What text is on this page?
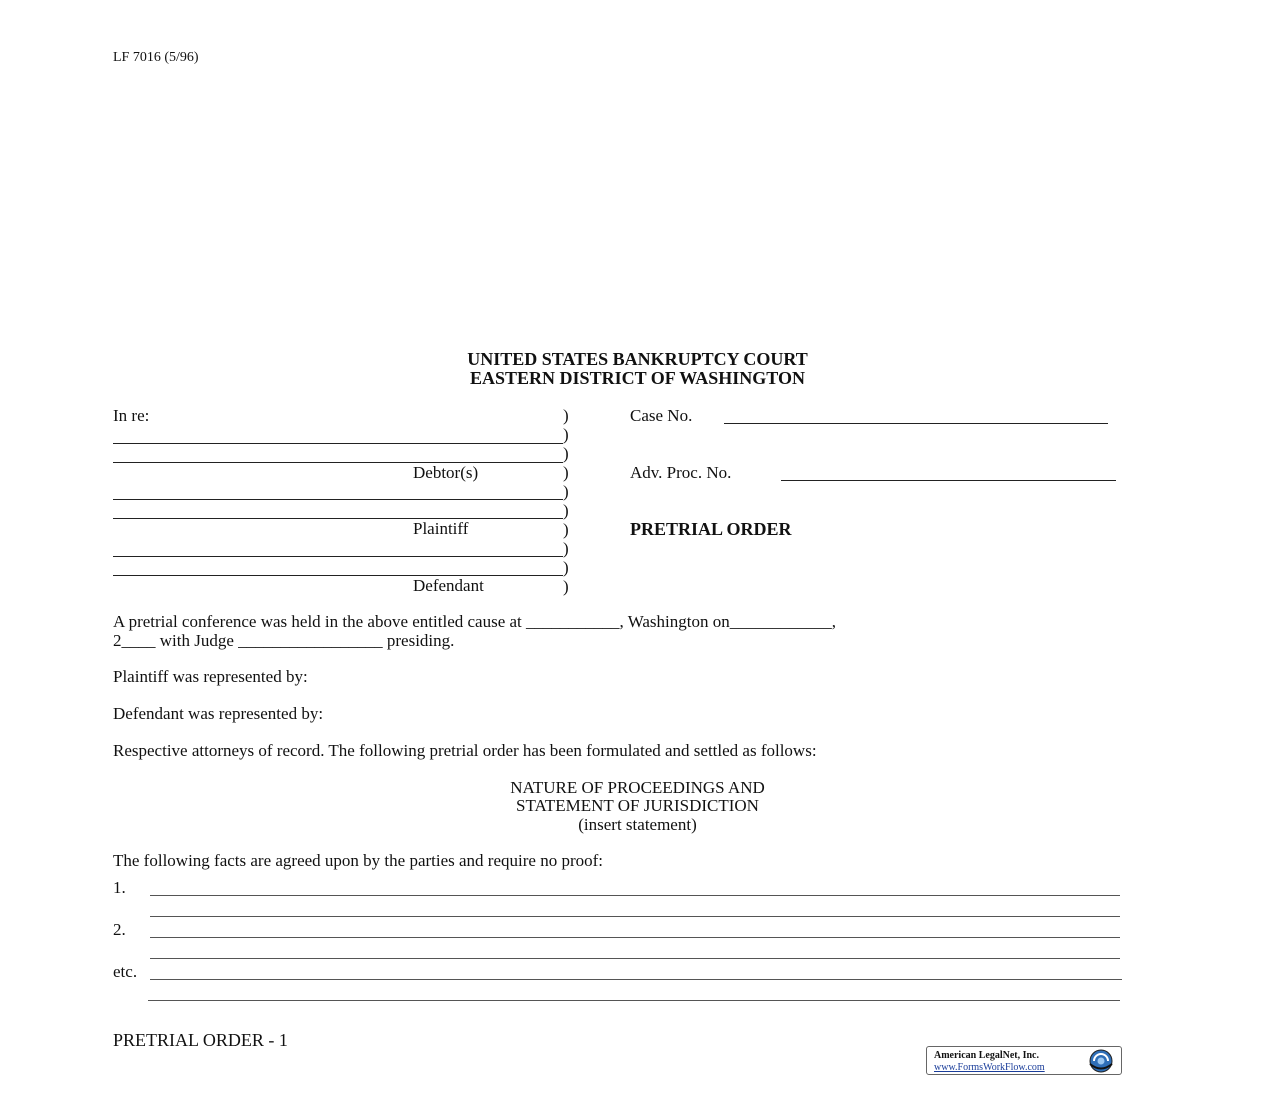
LF 7016 (5/96)
UNITED STATES BANKRUPTCY COURT
EASTERN DISTRICT OF WASHINGTON
In re:
Debtor(s)
Plaintiff
Defendant
)
)
)
)
)
)
)
)
)
)
Case No.
Adv. Proc. No.
PRETRIAL ORDER
A pretrial conference was held in the above entitled cause at ___________, Washington on____________,
2____ with Judge _________________ presiding.
Plaintiff was represented by:
Defendant was represented by:
Respective attorneys of record. The following pretrial order has been formulated and settled as follows:
NATURE OF PROCEEDINGS AND
STATEMENT OF JURISDICTION
(insert statement)
The following facts are agreed upon by the parties and require no proof:
1.
2.
etc.
PRETRIAL ORDER - 1
American LegalNet, Inc.
www.FormsWorkFlow.com
